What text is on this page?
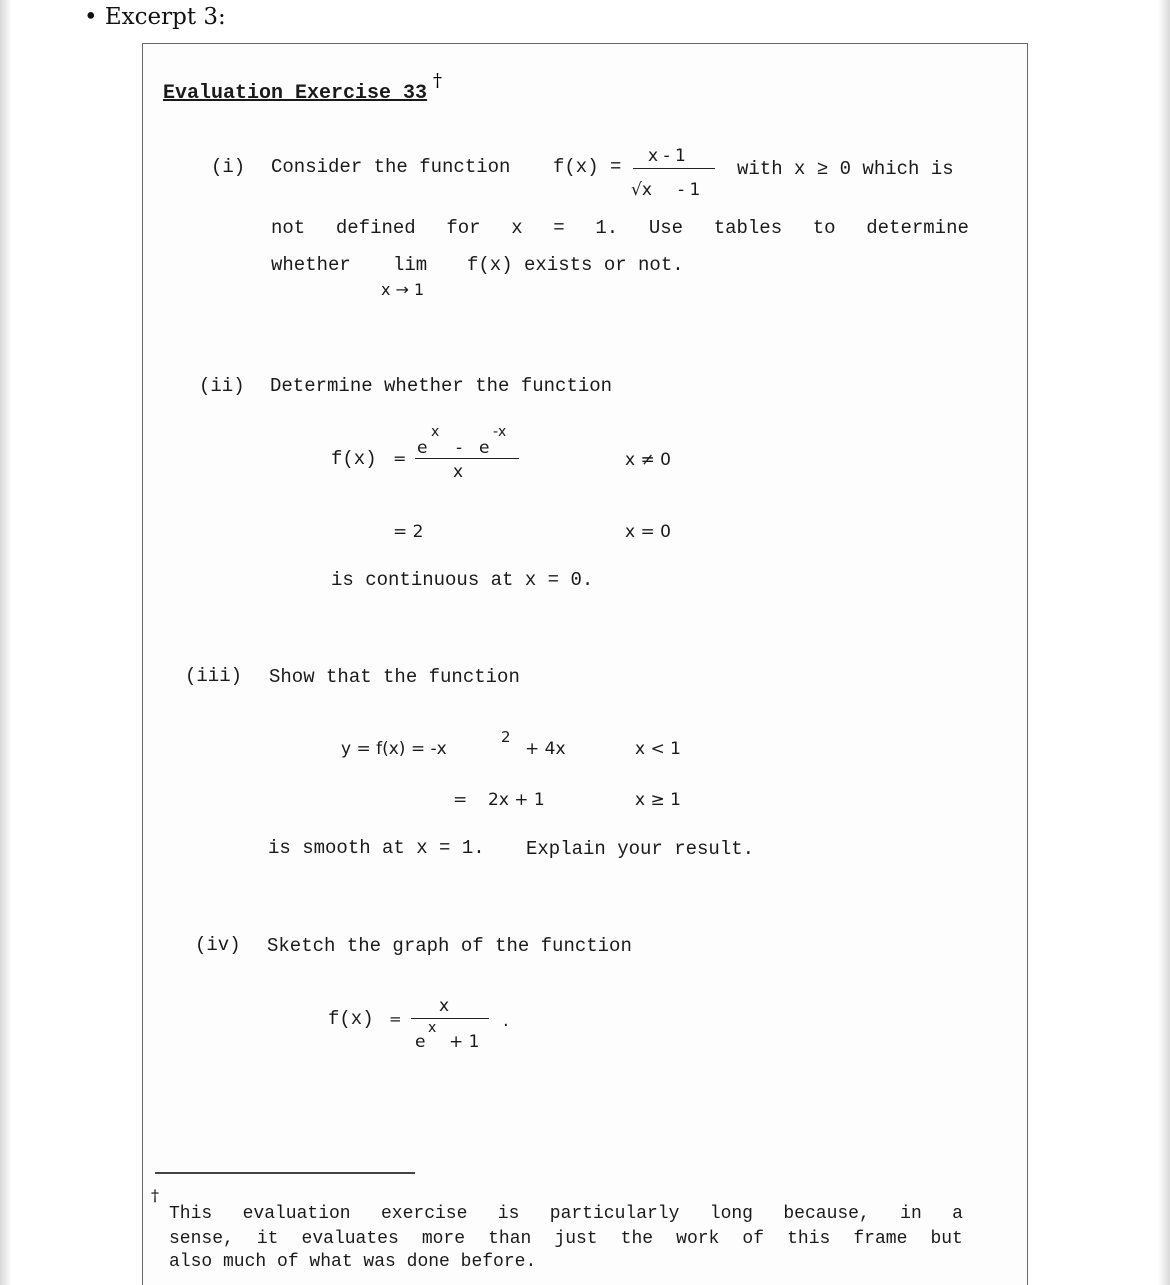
• Excerpt 3:
Evaluation Exercise 33
†
(i) Consider the function f(x) = x - 1
√x - 1
with x ≥ 0 which is
not defined for x = 1. Use tables to determine
whether lim f(x) exists or not.
x → 1
(ii) Determine whether the function
f(x) =
e
x
- e
-x
x
x ≠ 0
= 2	x = 0
is continuous at x = 0.
(iii) Show that the function
y = f(x) = -x
2
+ 4x	x < 1
= 2x + 1	x ≥ 1
is smooth at x = 1. Explain your result.
(iv) Sketch the graph of the function
f(x) =
x
e
x
+ 1
.
†
This evaluation exercise is particularly long because, in a
sense, it evaluates more than just the work of this frame but
also much of what was done before.
